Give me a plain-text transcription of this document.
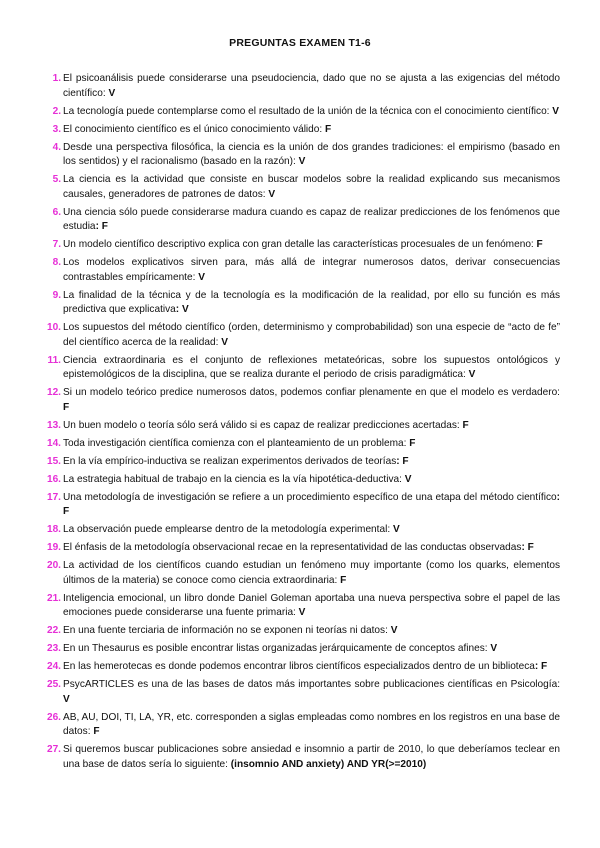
PREGUNTAS EXAMEN T1-6
1. El psicoanálisis puede considerarse una pseudociencia, dado que no se ajusta a las exigencias del método científico: V
2. La tecnología puede contemplarse como el resultado de la unión de la técnica con el conocimiento científico: V
3. El conocimiento científico es el único conocimiento válido: F
4. Desde una perspectiva filosófica, la ciencia es la unión de dos grandes tradiciones: el empirismo (basado en los sentidos) y el racionalismo (basado en la razón): V
5. La ciencia es la actividad que consiste en buscar modelos sobre la realidad explicando sus mecanismos causales, generadores de patrones de datos: V
6. Una ciencia sólo puede considerarse madura cuando es capaz de realizar predicciones de los fenómenos que estudia: F
7. Un modelo científico descriptivo explica con gran detalle las características procesuales de un fenómeno: F
8. Los modelos explicativos sirven para, más allá de integrar numerosos datos, derivar consecuencias contrastables empíricamente: V
9. La finalidad de la técnica y de la tecnología es la modificación de la realidad, por ello su función es más predictiva que explicativa: V
10. Los supuestos del método científico (orden, determinismo y comprobabilidad) son una especie de “acto de fe” del científico acerca de la realidad: V
11. Ciencia extraordinaria es el conjunto de reflexiones metateóricas, sobre los supuestos ontológicos y epistemológicos de la disciplina, que se realiza durante el periodo de crisis paradigmática: V
12. Si un modelo teórico predice numerosos datos, podemos confiar plenamente en que el modelo es verdadero: F
13. Un buen modelo o teoría sólo será válido si es capaz de realizar predicciones acertadas: F
14. Toda investigación científica comienza con el planteamiento de un problema: F
15. En la vía empírico-inductiva se realizan experimentos derivados de teorías: F
16. La estrategia habitual de trabajo en la ciencia es la vía hipotética-deductiva: V
17. Una metodología de investigación se refiere a un procedimiento específico de una etapa del método científico: F
18. La observación puede emplearse dentro de la metodología experimental: V
19. El énfasis de la metodología observacional recae en la representatividad de las conductas observadas: F
20. La actividad de los científicos cuando estudian un fenómeno muy importante (como los quarks, elementos últimos de la materia) se conoce como ciencia extraordinaria: F
21. Inteligencia emocional, un libro donde Daniel Goleman aportaba una nueva perspectiva sobre el papel de las emociones puede considerarse una fuente primaria: V
22. En una fuente terciaria de información no se exponen ni teorías ni datos: V
23. En un Thesaurus es posible encontrar listas organizadas jerárquicamente de conceptos afines: V
24. En las hemerotecas es donde podemos encontrar libros científicos especializados dentro de un biblioteca: F
25. PsycARTICLES es una de las bases de datos más importantes sobre publicaciones científicas en Psicología: V
26. AB, AU, DOI, TI, LA, YR, etc. corresponden a siglas empleadas como nombres en los registros en una base de datos: F
27. Si queremos buscar publicaciones sobre ansiedad e insomnio a partir de 2010, lo que deberíamos teclear en una base de datos sería lo siguiente: (insomnio AND anxiety) AND YR(>=2010)
